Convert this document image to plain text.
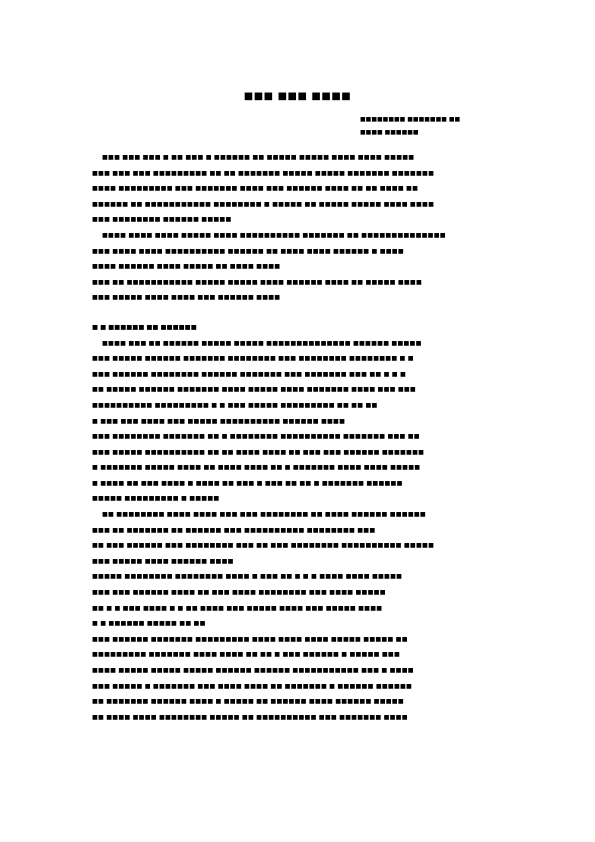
■■■ ■■■ ■■■■
■■■■■■■■ ■■■■■■■ ■■
■■■■ ■■■■■■
■■■ ■■■ ■■■ ■ ■■ ■■■ ■ ■■■■■■ ■■ ■■■■■ ■■■■■ ■■■■ ■■■■ ■■■■■
■■■ ■■■ ■■■ ■■■■■■■■■ ■■ ■■ ■■■■■■■ ■■■■■ ■■■■■ ■■■■■■■ ■■■■■■■
■■■■ ■■■■■■■■■ ■■■ ■■■■■■■ ■■■■ ■■■ ■■■■■■ ■■■■ ■■ ■■ ■■■■ ■■
■■■■■■ ■■ ■■■■■■■■■■■ ■■■■■■■■ ■ ■■■■■ ■■ ■■■■■ ■■■■■ ■■■■ ■■■■
■■■ ■■■■■■■■ ■■■■■■ ■■■■■
■■■■ ■■■■ ■■■■ ■■■■■ ■■■■ ■■■■■■■■■■ ■■■■■■■ ■■ ■■■■■■■■■■■■■■
■■■ ■■■■ ■■■■ ■■■■■■■■■■ ■■■■■■ ■■ ■■■■ ■■■■ ■■■■■■ ■ ■■■■
■■■■ ■■■■■■ ■■■■ ■■■■■ ■■ ■■■■ ■■■■
■■■ ■■ ■■■■■■■■■■■ ■■■■■ ■■■■■ ■■■■ ■■■■■■ ■■■■ ■■ ■■■■■ ■■■■
■■■ ■■■■■ ■■■■ ■■■■ ■■■ ■■■■■■ ■■■■
■ ■ ■■■■■■ ■■ ■■■■■■
■■■■ ■■■ ■■ ■■■■■■ ■■■■■ ■■■■■ ■■■■■■■■■■■■■■ ■■■■■■ ■■■■■
■■■ ■■■■■ ■■■■■■ ■■■■■■■ ■■■■■■■■ ■■■ ■■■■■■■■ ■■■■■■■■ ■ ■
■■■ ■■■■■■ ■■■■■■■■ ■■■■■■ ■■■■■■■ ■■■ ■■■■■■■ ■■■ ■■ ■ ■ ■
■■ ■■■■■ ■■■■■■ ■■■■■■■ ■■■■ ■■■■■ ■■■■ ■■■■■■■ ■■■■ ■■■ ■■■
■■■■■■■■■■ ■■■■■■■■■ ■ ■ ■■■ ■■■■■ ■■■■■■■■■ ■■ ■■ ■■
■ ■■■ ■■■ ■■■■ ■■■ ■■■■■ ■■■■■■■■■■ ■■■■■■ ■■■■
■■■ ■■■■■■■■ ■■■■■■■ ■■ ■ ■■■■■■■■ ■■■■■■■■■■ ■■■■■■■ ■■■ ■■
■■■ ■■■■■ ■■■■■■■■■■ ■■ ■■ ■■■■ ■■■■ ■■ ■■■ ■■■ ■■■■■■ ■■■■■■■
■ ■■■■■■■ ■■■■■ ■■■■ ■■ ■■■■ ■■■■ ■■ ■ ■■■■■■■ ■■■■ ■■■■ ■■■■■
■ ■■■■ ■■ ■■■ ■■■■ ■ ■■■■ ■■ ■■■ ■ ■■■ ■■ ■■ ■ ■■■■■■■ ■■■■■■
■■■■■ ■■■■■■■■■ ■ ■■■■■
■■ ■■■■■■■■ ■■■■ ■■■■ ■■■ ■■■ ■■■■■■■■ ■■ ■■■■ ■■■■■■ ■■■■■■
■■■ ■■ ■■■■■■■ ■■ ■■■■■■ ■■■ ■■■■■■■■■■ ■■■■■■■■ ■■■
■■ ■■■ ■■■■■■ ■■■ ■■■■■■■■ ■■■ ■■ ■■■ ■■■■■■■■ ■■■■■■■■■■ ■■■■■
■■■ ■■■■■ ■■■■ ■■■■■■ ■■■■
■■■■■ ■■■■■■■■ ■■■■■■■■ ■■■■ ■ ■■■ ■■ ■ ■ ■ ■■■■ ■■■■ ■■■■■
■■■ ■■■ ■■■■■■ ■■■■ ■■ ■■■ ■■■■ ■■■■■■■■ ■■■ ■■■■ ■■■■■
■■ ■ ■ ■■■ ■■■■ ■ ■ ■■ ■■■■ ■■■ ■■■■■ ■■■■ ■■■ ■■■■■ ■■■■
■ ■ ■■■■■■ ■■■■■ ■■ ■■
■■■ ■■■■■■ ■■■■■■■ ■■■■■■■■■ ■■■■ ■■■■ ■■■■ ■■■■■ ■■■■■ ■■
■■■■■■■■■ ■■■■■■■ ■■■■ ■■■■ ■■ ■■ ■ ■■■ ■■■■■■ ■ ■■■■■ ■■■
■■■■ ■■■■■ ■■■■■ ■■■■■ ■■■■■■ ■■■■■■ ■■■■■■■■■■■ ■■■ ■ ■■■■
■■■ ■■■■■ ■ ■■■■■■■ ■■■ ■■■■ ■■■■ ■■ ■■■■■■■ ■ ■■■■■■ ■■■■■■
■■ ■■■■■■■ ■■■■■■ ■■■■ ■ ■■■■■ ■■ ■■■■■■ ■■■■ ■■■■■■ ■■■■■
■■ ■■■■ ■■■■ ■■■■■■■■ ■■■■■ ■■ ■■■■■■■■■■ ■■■ ■■■■■■■ ■■■■
